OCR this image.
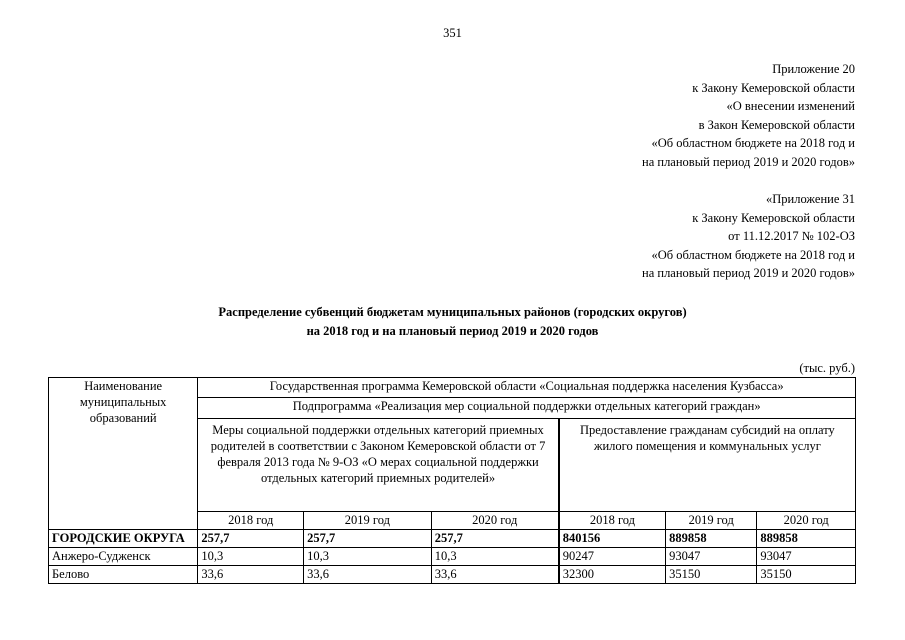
351
Приложение 20
к Закону Кемеровской области
«О внесении изменений
в Закон Кемеровской области
«Об областном бюджете на 2018 год и
на плановый период 2019 и 2020 годов»
«Приложение 31
к Закону Кемеровской области
от 11.12.2017 № 102-ОЗ
«Об областном бюджете на 2018 год и
на плановый период 2019 и 2020 годов»
Распределение субвенций бюджетам муниципальных районов (городских округов)
на 2018 год и на плановый период 2019 и 2020 годов
(тыс. руб.)
Наименование муниципальных образований	Государственная программа Кемеровской области «Социальная поддержка населения Кузбасса»					
	Подпрограмма «Реализация мер социальной поддержки отдельных категорий граждан»					
	Меры социальной поддержки отдельных категорий приемных родителей в соответствии с Законом Кемеровской области от 7 февраля 2013 года № 9-ОЗ «О мерах социальной поддержки отдельных категорий приемных родителей»			Предоставление гражданам субсидий на оплату жилого помещения и коммунальных услуг		
	2018 год	2019 год	2020 год	2018 год	2019 год	2020 год
ГОРОДСКИЕ ОКРУГА	257,7	257,7	257,7	840156	889858	889858
Анжеро-Судженск	10,3	10,3	10,3	90247	93047	93047
Белово	33,6	33,6	33,6	32300	35150	35150
